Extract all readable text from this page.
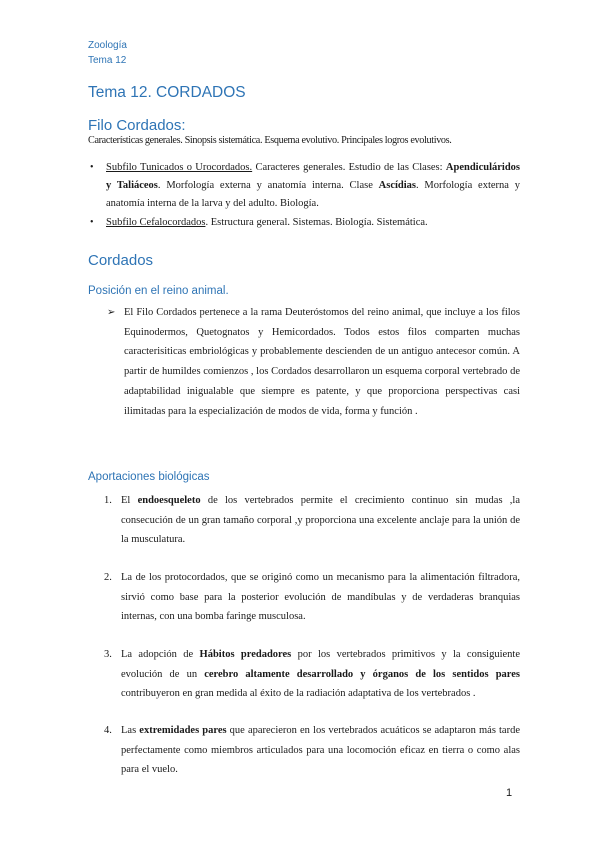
Zoología
Tema 12
Tema 12. CORDADOS
Filo Cordados:
Características generales. Sinopsis sistemática. Esquema evolutivo. Principales logros evolutivos.
• Subfilo Tunicados o Urocordados. Caracteres generales. Estudio de las Clases: Apendiculáridos y Taliáceos. Morfología externa y anatomía interna. Clase Ascídias. Morfología externa y anatomía interna de la larva y del adulto. Biología.
• Subfilo Cefalocordados. Estructura general. Sistemas. Biología. Sistemática.
Cordados
Posición en el reino animal.
➢ El Filo Cordados pertenece a la rama Deuteróstomos del reino animal, que incluye a los filos Equinodermos, Quetognatos y Hemicordados. Todos estos filos comparten muchas caracterisiticas embriológicas y probablemente descienden de un antiguo antecesor común. A partir de humildes comienzos , los Cordados desarrollaron un esquema corporal vertebrado de adaptabilidad inigualable que siempre es patente, y que proporciona perspectivas casi ilimitadas para la especialización de modos de vida, forma y función .
Aportaciones biológicas
1. El endoesqueleto de los vertebrados permite el crecimiento continuo sin mudas ,la consecución de un gran tamaño corporal ,y proporciona una excelente anclaje para la unión de la musculatura.
2. La de los protocordados, que se originó como un mecanismo para la alimentación filtradora, sirvió como base para la posterior evolución de mandíbulas y de verdaderas branquias internas, con una bomba faringe musculosa.
3. La adopción de Hábitos predadores por los vertebrados primitivos y la consiguiente evolución de un cerebro altamente desarrollado y órganos de los sentidos pares contribuyeron en gran medida al éxito de la radiación adaptativa de los vertebrados .
4. Las extremidades pares que aparecieron en los vertebrados acuáticos se adaptaron más tarde perfectamente como miembros articulados para una locomoción eficaz en tierra o como alas para el vuelo.
1
